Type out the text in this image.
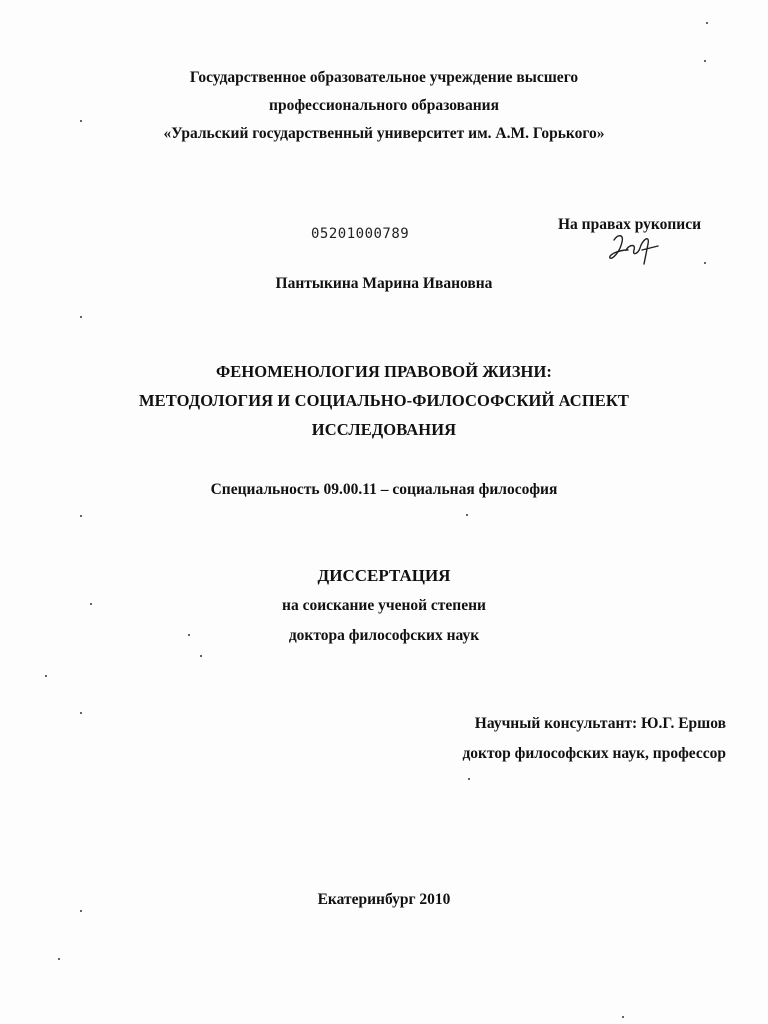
Государственное образовательное учреждение высшего
профессионального образования
«Уральский государственный университет им. А.М. Горького»
05201000789
На правах рукописи
Пантыкина Марина Ивановна
ФЕНОМЕНОЛОГИЯ ПРАВОВОЙ ЖИЗНИ:
МЕТОДОЛОГИЯ И СОЦИАЛЬНО-ФИЛОСОФСКИЙ АСПЕКТ
ИССЛЕДОВАНИЯ
Специальность 09.00.11 – социальная философия
ДИССЕРТАЦИЯ
на соискание ученой степени
доктора философских наук
Научный консультант: Ю.Г. Ершов
доктор философских наук, профессор
Екатеринбург 2010
